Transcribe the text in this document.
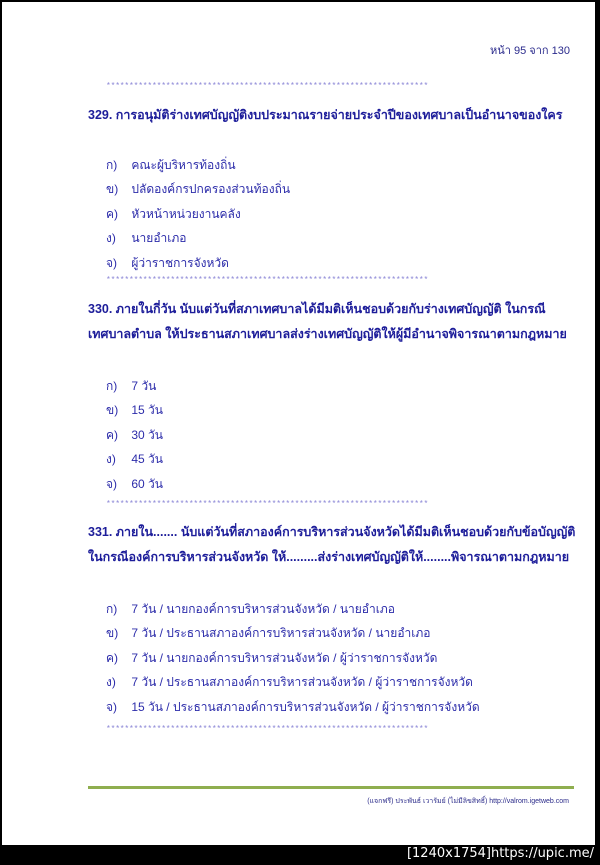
หน้า 95 จาก 130
**********************************************************************
329. การอนุมัติร่างเทศบัญญัติงบประมาณรายจ่ายประจำปีของเทศบาลเป็นอำนาจของใคร
ก) คณะผู้บริหารท้องถิ่น
ข) ปลัดองค์กรปกครองส่วนท้องถิ่น
ค) หัวหน้าหน่วยงานคลัง
ง) นายอำเภอ
จ) ผู้ว่าราชการจังหวัด
**********************************************************************
330. ภายในกี่วัน นับแต่วันที่สภาเทศบาลได้มีมติเห็นชอบด้วยกับร่างเทศบัญญัติ ในกรณีเทศบาลตำบล ให้ประธานสภาเทศบาลส่งร่างเทศบัญญัติให้ผู้มีอำนาจพิจารณาตามกฎหมาย
ก) 7 วัน
ข) 15 วัน
ค) 30 วัน
ง) 45 วัน
จ) 60 วัน
**********************************************************************
331. ภายใน....... นับแต่วันที่สภาองค์การบริหารส่วนจังหวัดได้มีมติเห็นชอบด้วยกับข้อบัญญัติในกรณีองค์การบริหารส่วนจังหวัด ให้.........ส่งร่างเทศบัญญัติให้........พิจารณาตามกฎหมาย
ก) 7 วัน / นายกองค์การบริหารส่วนจังหวัด / นายอำเภอ
ข) 7 วัน / ประธานสภาองค์การบริหารส่วนจังหวัด / นายอำเภอ
ค) 7 วัน / นายกองค์การบริหารส่วนจังหวัด / ผู้ว่าราชการจังหวัด
ง) 7 วัน / ประธานสภาองค์การบริหารส่วนจังหวัด / ผู้ว่าราชการจังหวัด
จ) 15 วัน / ประธานสภาองค์การบริหารส่วนจังหวัด / ผู้ว่าราชการจังหวัด
**********************************************************************
(แจกฟรี) ประพันธ์ เวารัมย์ (ไม่มีลิขสิทธิ์) http://valrom.igetweb.com
[1240x1754]https://upic.me/
